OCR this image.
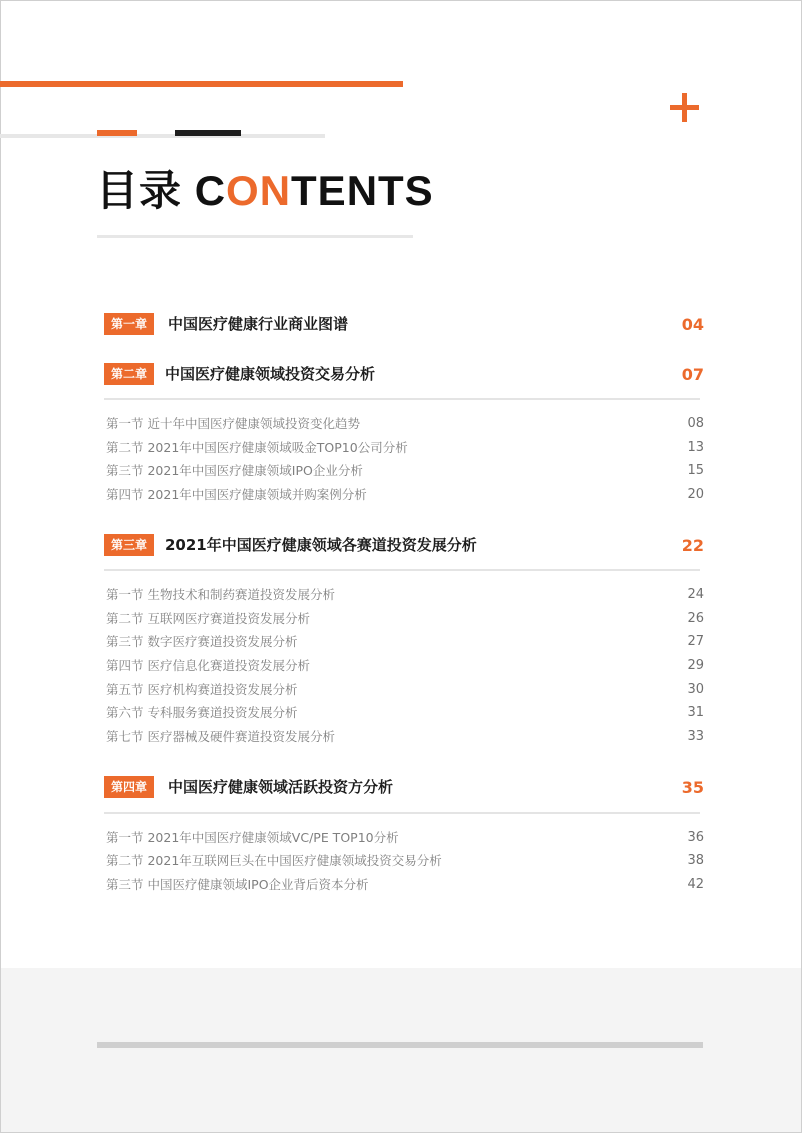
目录 CONTENTS
第一章	中国医疗健康行业商业图谱	04
第二章	中国医疗健康领域投资交易分析	07
第一节 近十年中国医疗健康领域投资变化趋势	08
第二节 2021年中国医疗健康领域吸金TOP10公司分析	13
第三节 2021年中国医疗健康领域IPO企业分析	15
第四节 2021年中国医疗健康领域并购案例分析	20
第三章	2021年中国医疗健康领域各赛道投资发展分析	22
第一节 生物技术和制药赛道投资发展分析	24
第二节 互联网医疗赛道投资发展分析	26
第三节 数字医疗赛道投资发展分析	27
第四节 医疗信息化赛道投资发展分析	29
第五节 医疗机构赛道投资发展分析	30
第六节 专科服务赛道投资发展分析	31
第七节 医疗器械及硬件赛道投资发展分析	33
第四章	中国医疗健康领域活跃投资方分析	35
第一节 2021年中国医疗健康领域VC/PE TOP10分析	36
第二节 2021年互联网巨头在中国医疗健康领域投资交易分析	38
第三节 中国医疗健康领域IPO企业背后资本分析	42
